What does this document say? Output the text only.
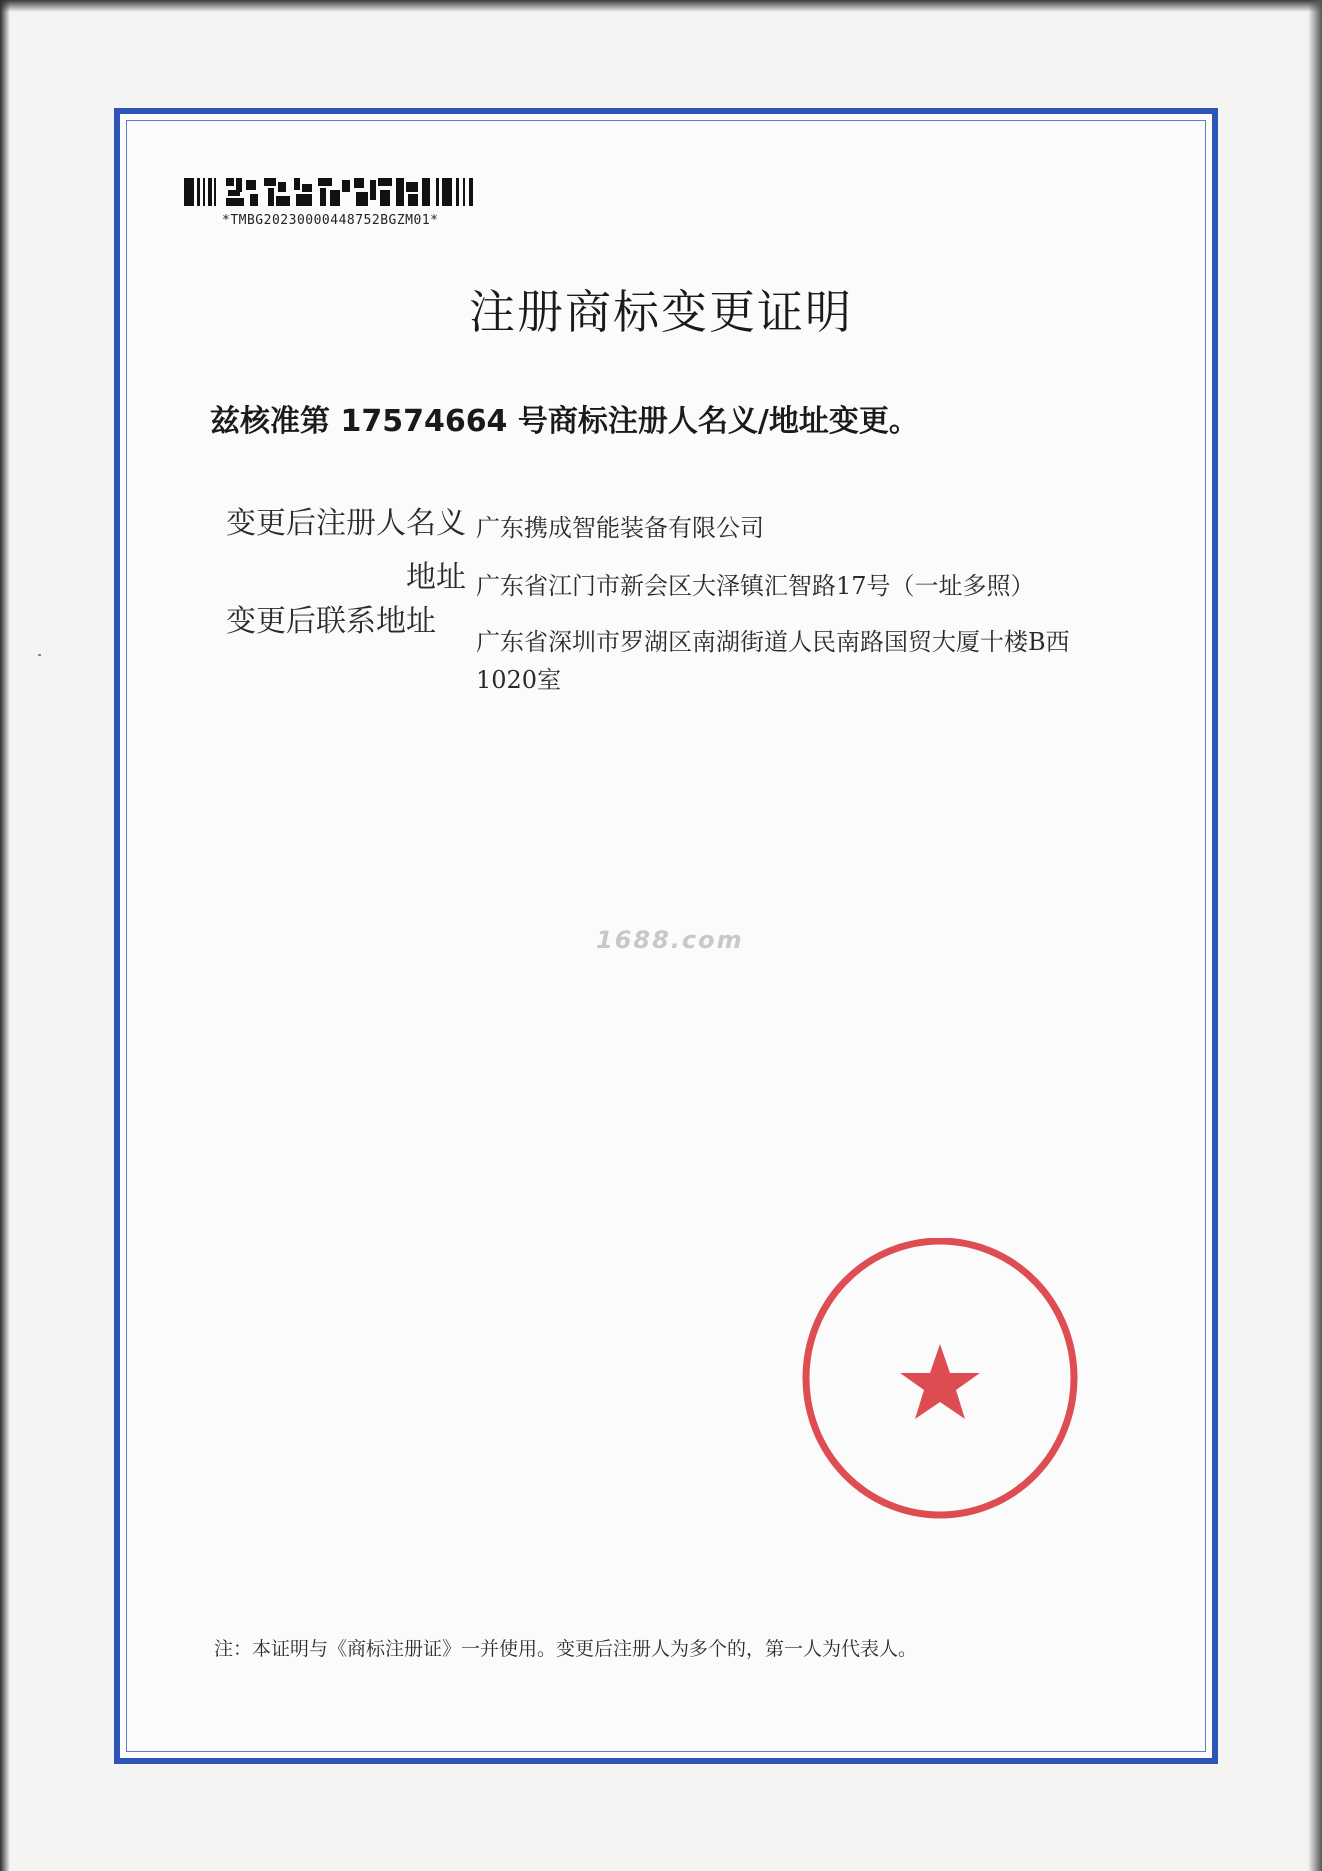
*TMBG20230000448752BGZM01*
注册商标变更证明
兹核准第 17574664 号商标注册人名义/地址变更。
变更后注册人名义 广东携成智能装备有限公司
地址 广东省江门市新会区大泽镇汇智路17号（一址多照）
变更后联系地址
广东省深圳市罗湖区南湖街道人民南路国贸大厦十楼B西
1020室
1688.com
注：本证明与《商标注册证》一并使用。变更后注册人为多个的，第一人为代表人。
